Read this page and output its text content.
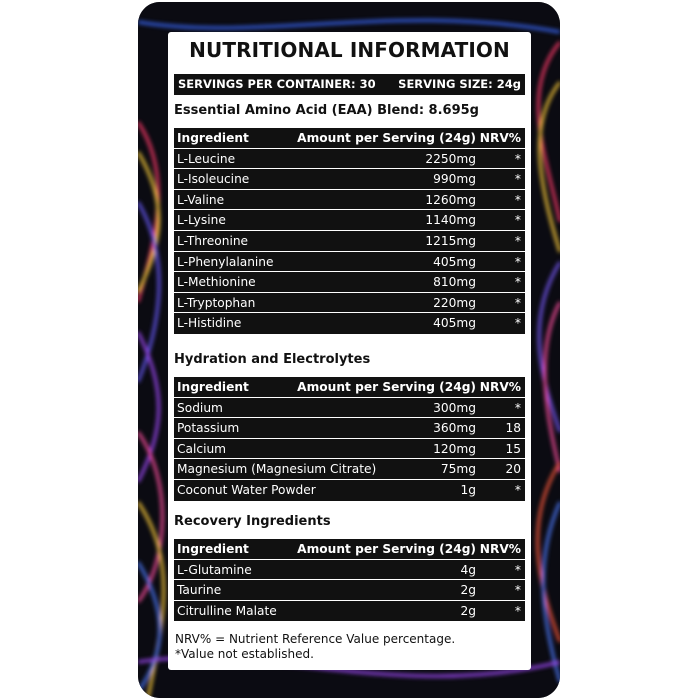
NUTRITIONAL INFORMATION
SERVINGS PER CONTAINER: 30 SERVING SIZE: 24g
Essential Amino Acid (EAA) Blend: 8.695g
Ingredient	Amount per Serving (24g) NRV%
L-Leucine	2250mg	*
L-Isoleucine	990mg	*
L-Valine	1260mg	*
L-Lysine	1140mg	*
L-Threonine	1215mg	*
L-Phenylalanine	405mg	*
L-Methionine	810mg	*
L-Tryptophan	220mg	*
L-Histidine	405mg	*
Hydration and Electrolytes
Ingredient	Amount per Serving (24g) NRV%
Sodium	300mg	*
Potassium	360mg 18
Calcium	120mg 15
Magnesium (Magnesium Citrate)	75mg 20
Coconut Water Powder	1g	*
Recovery Ingredients
Ingredient	Amount per Serving (24g) NRV%
L-Glutamine	4g	*
Taurine	2g	*
Citrulline Malate	2g	*
NRV% = Nutrient Reference Value percentage.
*Value not established.
